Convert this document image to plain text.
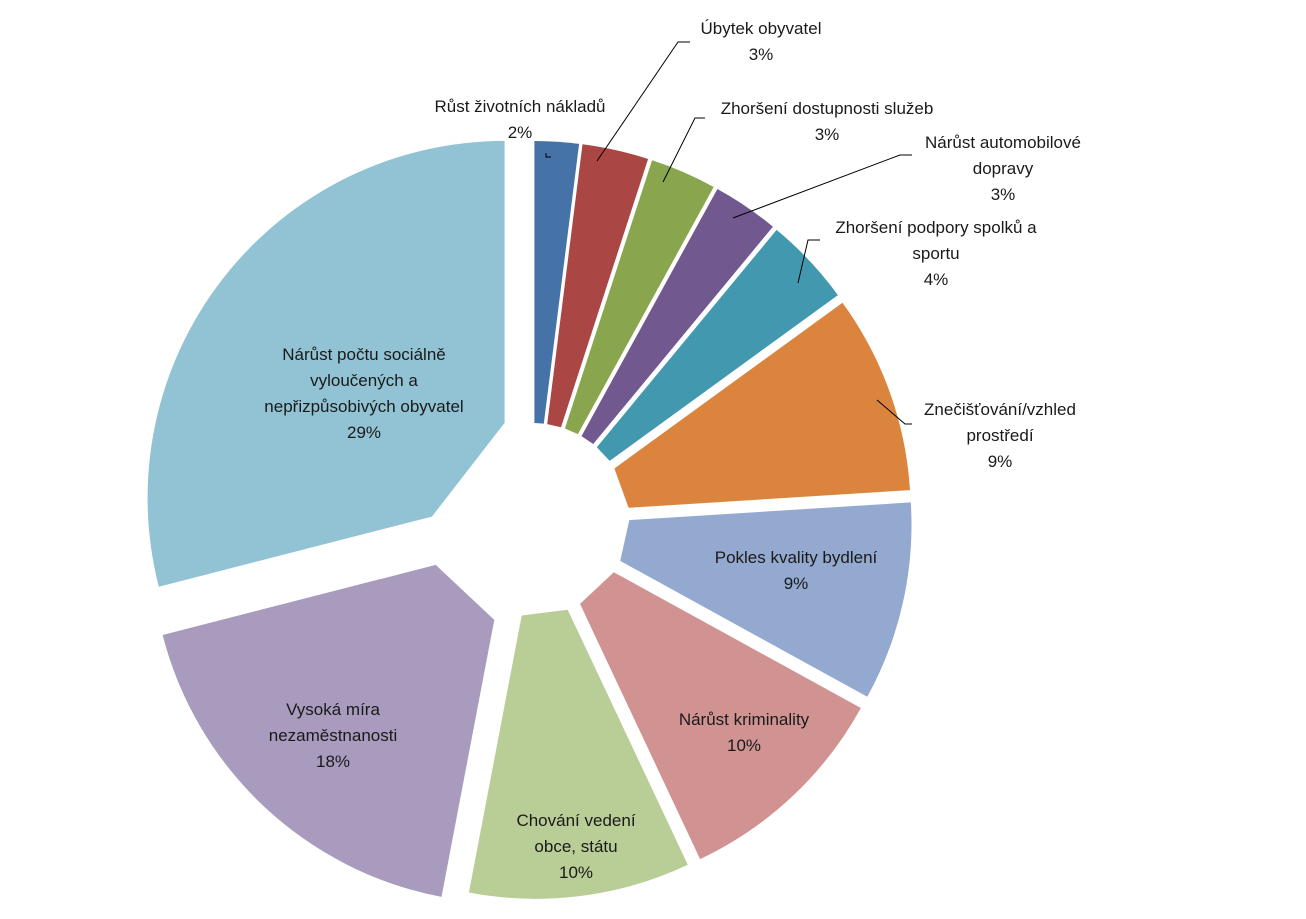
Růst životních nákladů 2%
Úbytek obyvatel 3%
Zhoršení dostupnosti služeb 3%	Nárůst automobilové dopravy 3%
Zhoršení podpory spolků a sportu 4%
Znečišťování/vzhled prostředí 9%
Pokles kvality bydlení 9%
Nárůst kriminality 10%
Chování vedení obce, státu 10%
Vysoká míra nezaměstnanosti 18%
Nárůst počtu sociálně vyloučených a nepřizpůsobivých obyvatel 29%
